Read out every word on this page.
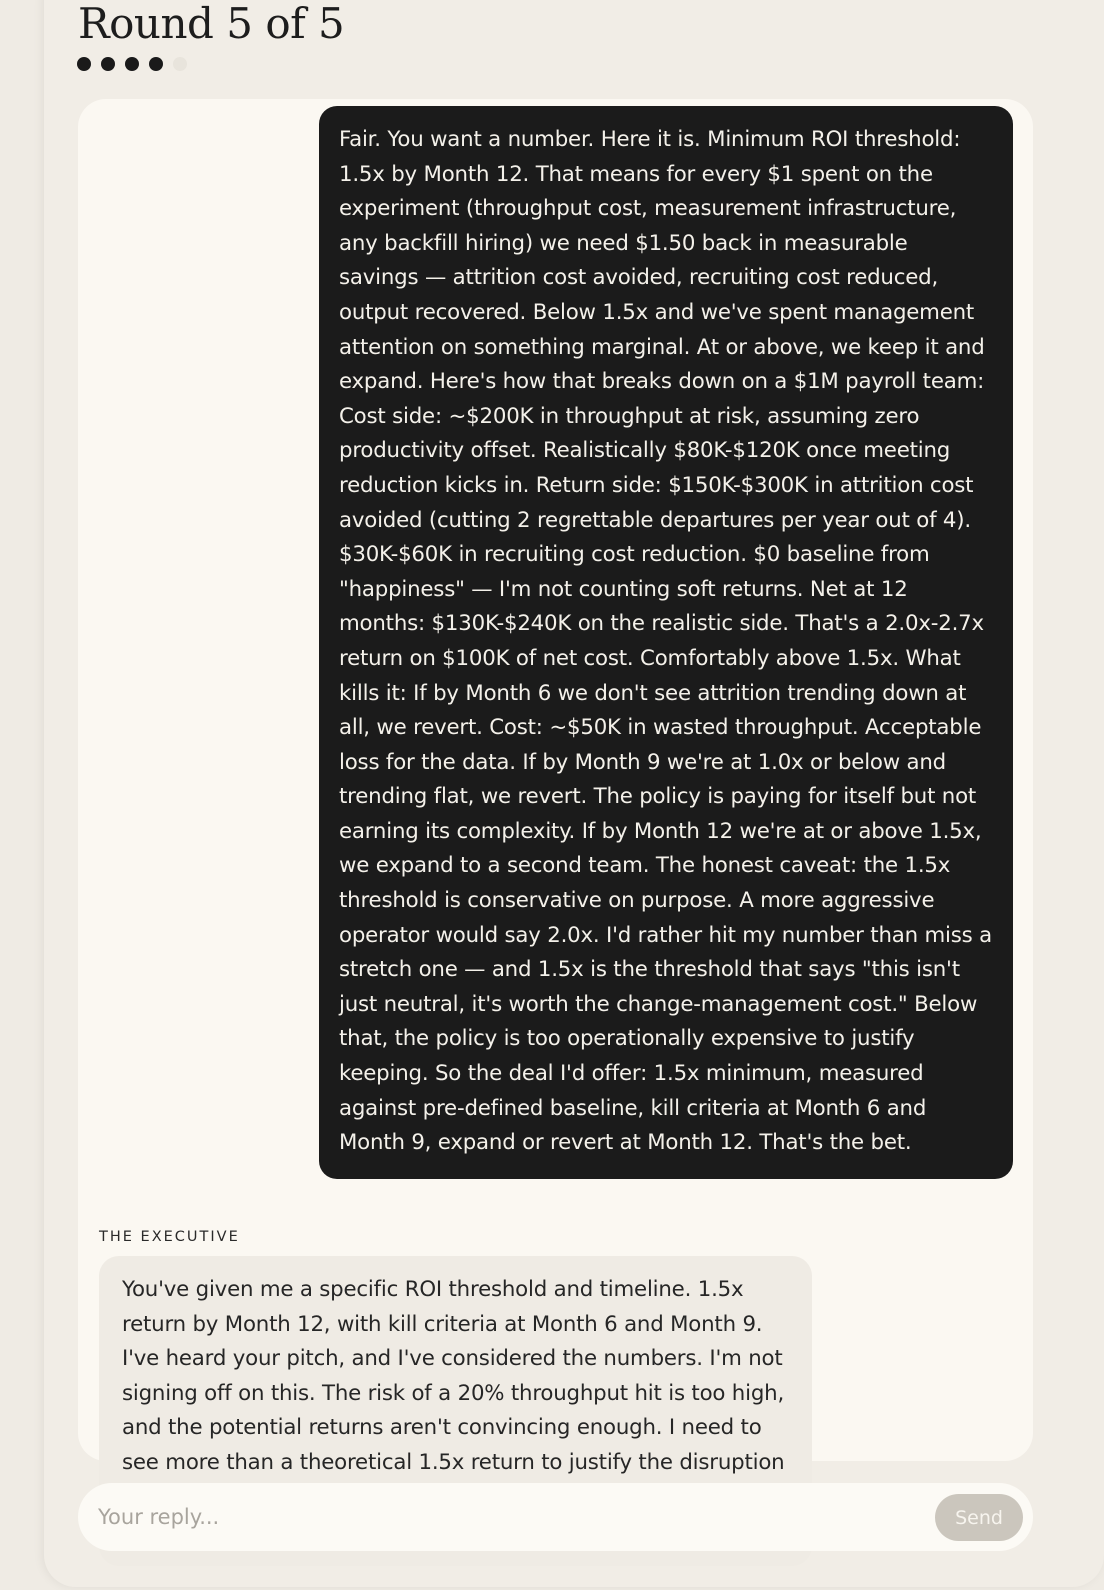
Round 5 of 5

Fair. You want a number. Here it is. Minimum ROI threshold: 1.5x by Month 12. That means for every $1 spent on the experiment (throughput cost, measurement infrastructure, any backfill hiring) we need $1.50 back in measurable savings — attrition cost avoided, recruiting cost reduced, output recovered. Below 1.5x and we've spent management attention on something marginal. At or above, we keep it and expand. Here's how that breaks down on a $1M payroll team: Cost side: ~$200K in throughput at risk, assuming zero productivity offset. Realistically $80K-$120K once meeting reduction kicks in. Return side: $150K-$300K in attrition cost avoided (cutting 2 regrettable departures per year out of 4). $30K-$60K in recruiting cost reduction. $0 baseline from "happiness" — I'm not counting soft returns. Net at 12 months: $130K-$240K on the realistic side. That's a 2.0x-2.7x return on $100K of net cost. Comfortably above 1.5x. What kills it: If by Month 6 we don't see attrition trending down at all, we revert. Cost: ~$50K in wasted throughput. Acceptable loss for the data. If by Month 9 we're at 1.0x or below and trending flat, we revert. The policy is paying for itself but not earning its complexity. If by Month 12 we're at or above 1.5x, we expand to a second team. The honest caveat: the 1.5x threshold is conservative on purpose. A more aggressive operator would say 2.0x. I'd rather hit my number than miss a stretch one — and 1.5x is the threshold that says "this isn't just neutral, it's worth the change-management cost." Below that, the policy is too operationally expensive to justify keeping. So the deal I'd offer: 1.5x minimum, measured against pre-defined baseline, kill criteria at Month 6 and Month 9, expand or revert at Month 12. That's the bet.

THE EXECUTIVE

You've given me a specific ROI threshold and timeline. 1.5x return by Month 12, with kill criteria at Month 6 and Month 9. I've heard your pitch, and I've considered the numbers. I'm not signing off on this. The risk of a 20% throughput hit is too high, and the potential returns aren't convincing enough. I need to see more than a theoretical 1.5x return to justify the disruption

Your reply...
Send
